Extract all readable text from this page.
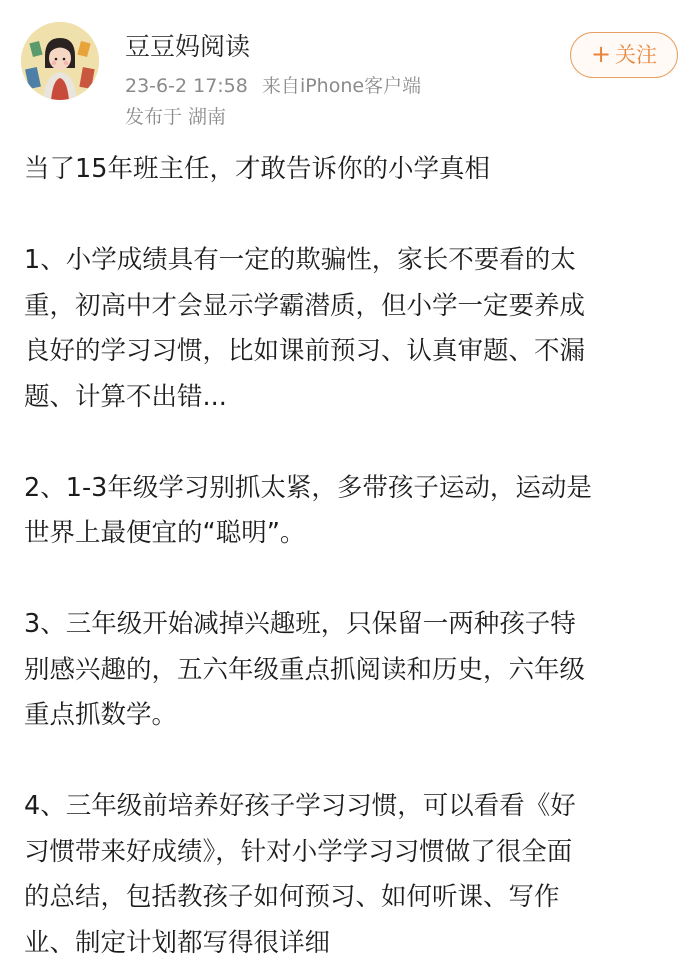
豆豆妈阅读
23-6-2 17:58 来自iPhone客户端
发布于 湖南
+ 关注

当了15年班主任，才敢告诉你的小学真相

1、小学成绩具有一定的欺骗性，家长不要看的太
重，初高中才会显示学霸潜质，但小学一定要养成
良好的学习习惯，比如课前预习、认真审题、不漏
题、计算不出错...

2、1-3年级学习别抓太紧，多带孩子运动，运动是
世界上最便宜的“聪明”。

3、三年级开始减掉兴趣班，只保留一两种孩子特
别感兴趣的，五六年级重点抓阅读和历史，六年级
重点抓数学。

4、三年级前培养好孩子学习习惯，可以看看《好
习惯带来好成绩》，针对小学学习习惯做了很全面
的总结，包括教孩子如何预习、如何听课、写作
业、制定计划都写得很详细
